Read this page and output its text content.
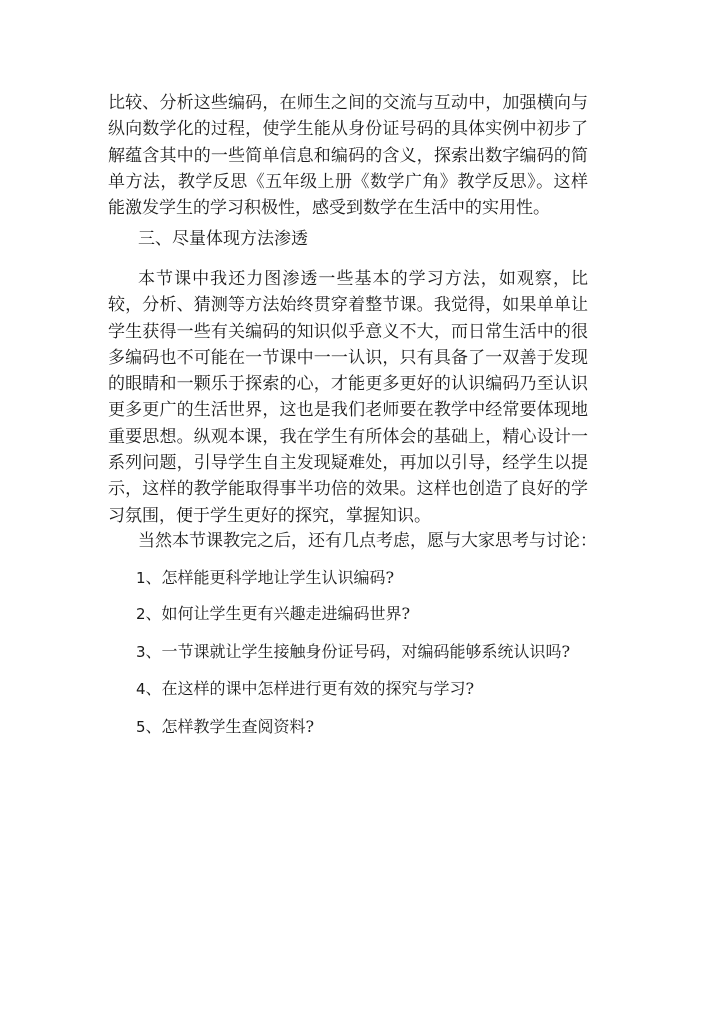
比较、分析这些编码，在师生之间的交流与互动中，加强横向与纵向数学化的过程，使学生能从身份证号码的具体实例中初步了解蕴含其中的一些简单信息和编码的含义，探索出数字编码的简单方法，教学反思《五年级上册《数学广角》教学反思》。这样能激发学生的学习积极性，感受到数学在生活中的实用性。

三、尽量体现方法渗透

本节课中我还力图渗透一些基本的学习方法，如观察，比较，分析、猜测等方法始终贯穿着整节课。我觉得，如果单单让学生获得一些有关编码的知识似乎意义不大，而日常生活中的很多编码也不可能在一节课中一一认识，只有具备了一双善于发现的眼睛和一颗乐于探索的心，才能更多更好的认识编码乃至认识更多更广的生活世界，这也是我们老师要在教学中经常要体现地重要思想。纵观本课，我在学生有所体会的基础上，精心设计一系列问题，引导学生自主发现疑难处，再加以引导，经学生以提示，这样的教学能取得事半功倍的效果。这样也创造了良好的学习氛围，便于学生更好的探究，掌握知识。

当然本节课教完之后，还有几点考虑，愿与大家思考与讨论：

1、怎样能更科学地让学生认识编码?

2、如何让学生更有兴趣走进编码世界?

3、一节课就让学生接触身份证号码，对编码能够系统认识吗?

4、在这样的课中怎样进行更有效的探究与学习?

5、怎样教学生查阅资料?
